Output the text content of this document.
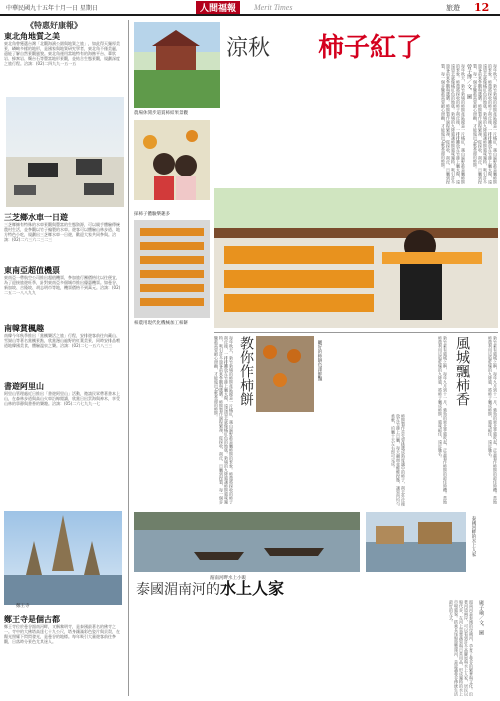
中華民國九十五年十月一日 星期日	人間福報	Merit Times	旅遊 12
《特惠好康報》
東北角地質之美
東北角曾獲選台灣「北觀海濱公園與地質之旅」，如此得天獨厚美景，嶙峋多樣的地形，是國家與地質研究學者，東北角不僅美麗，還能了解自然景觀風貌。東北角運用當地特有的海蝕平台、蕈狀岩、蜂窩岩、燭台石等豐富地形景觀，並結合生態景觀，規劃深度之旅行程。洽詢：(02)二四九九一五一五
三芝鄉水車一日遊
三芝鄉擁有特殊的水車景觀與豐富的生態資源，可以親手體驗傳統農村生活，並參觀以竹子編製的水車。遊客可以體驗山林步道、地方特色小吃，規劃出三芝鄉水車一日遊，歡迎大家共同參與。洽詢：(02)二六三六二三二三
東南亞超值機票
東南亞一帶航空公司推出超值機票，參加旅行團價格比以往便宜，為了迎接旅遊旺季，針對東南亞多個城市推出優惠機票。如曼谷、新加坡、吉隆坡、胡志明市等地，機票價格不到萬元。洽詢：(02)二五二一八八九九
南韓賞楓趣
南韓今年秋季推出「賞楓樂活之旅」行程，安排遊客前往內藏山、雪嶽山等著名賞楓景點，欣賞漫山遍野的紅葉美景，同時安排品嚐道地韓國美食，體驗溫泉之樂。洽詢：(02)二七一五六八三三
書遊阿里山
阿里山管理處近日推出「書遊阿里山」活動，邀請民眾帶著書本上山，在森林步道與高山火車沿線閱讀，欣賞日出雲海與神木，享受山林的寧靜與書香的樂趣。洽詢：(05)二六七九九一七
鄭王寺
鄭王寺是個古都
鄭王寺位於曼谷湄南河畔，又稱黎明寺，是泰國最著名的佛寺之一。寺中的大佛塔高達七十九公尺，塔身鑲滿彩色瓷片與貝殼，在陽光照耀下閃閃發光，是曼谷的地標。每年吸引大量遊客前往參觀，日落時分景色尤其迷人。
農場休閒步道賞柿結果景觀
採柿子體驗樂趣多
柿農用現代化機械加工柿餅
涼秋 柿子紅了
每年秋天，新竹新埔的柿餅產區總是一片橘紅，滿山遍野都是曬柿餅的景象。柿農將採收的柿子削皮後，一排排攤放在竹篩上曬太陽，遠遠望去就像橘紅色的地毯。新埔的九降風讓柿餅風味獨特，吸引許多遊客前來參觀與選購。柿餅製作過程繁複，從採收、削皮、日曬到捏製，每一個步驟都需要細心照顧，才能做出Q軟香甜的柿餅。	曾子博／文、圖	每年秋天，新竹新埔的柿餅產區總是一片橘紅，滿山遍野都是曬柿餅的景象。柿農將採收的柿子削皮後，一排排攤放在竹篩上曬太陽，遠遠望去就像橘紅色的地毯。新埔的九降風讓柿餅風味獨特，吸引許多遊客前來參觀與選購。柿餅製作過程繁複，從採收、削皮、日曬到捏製，每一個步驟都需要細心照顧，才能做出Q軟香甜的柿餅。
每年秋天，新竹新埔的柿餅產區總是一片橘紅，滿山遍野都是曬柿餅的景象。柿農將採收的柿子削皮後，一排排攤放在竹篩上曬太陽，遠遠望去就像橘紅色的地毯。新埔的九降風讓柿餅風味獨特，吸引許多遊客前來參觀與選購。柿餅製作過程繁複，從採收、削皮、日曬到捏製，每一個步驟都需要細心照顧，才能做出Q軟香甜的柿餅。	教你作柿餅	曬好的柿餅色澤鮮豔
柿餅製作首先要挑選成熟度適中的柿子，削去外皮後放在竹篩上日曬，每天翻面並輕輕捏壓，讓果肉均勻柔軟，約曬十天左右即可完成。
風城飄柿香
新竹素有風城之稱，每年九月到十一月，強勁的東北季風吹起，正是製作柿餅的最佳時機。當地柿農利用這股乾燥的九降風，將柿子曬成柿餅，風味絕佳，遠近馳名。	新竹素有風城之稱，每年九月到十一月，強勁的東北季風吹起，正是製作柿餅的最佳時機。當地柿農利用這股乾燥的九降風，將柿子曬成柿餅，風味絕佳，遠近馳名。
湄南河畔水上小販
泰國河畔的水上人家
泰國湄南河的水上人家
湄南河是泰國的母親河，孕育了曼谷的繁華與文化。沿著河道兩岸，可以看到許多高腳屋與水上人家，居民以船代步，在河上買賣蔬果與日常用品，形成獨特的水上市場風貌。搭乘長尾船遊覽運河，是認識曼谷傳統生活最好的方式。	廣子瑜／文、圖
